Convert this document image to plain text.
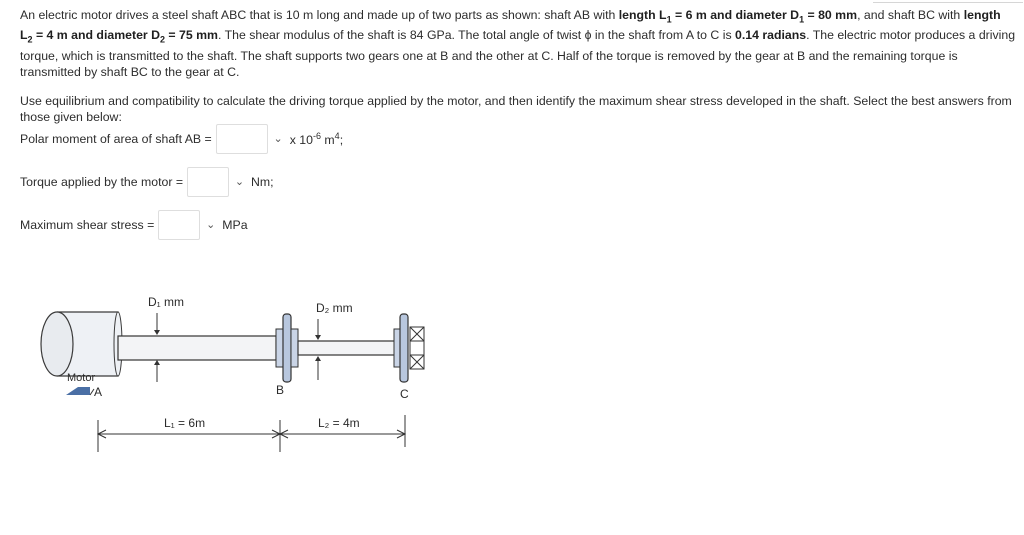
An electric motor drives a steel shaft ABC that is 10 m long and made up of two parts as shown: shaft AB with length $L_1 = 6$ m and diameter $D_1 = 80$ mm, and shaft BC with length $L_2 = 4$ m and diameter $D_2 = 75$ mm. The shear modulus of the shaft is 84 GPa. The total angle of twist ϕ in the shaft from A to C is 0.14 radians. The electric motor produces a driving torque, which is transmitted to the shaft. The shaft supports two gears one at B and the other at C. Half of the torque is removed by the gear at B and the remaining torque is transmitted by shaft BC to the gear at C.

Use equilibrium and compatibility to calculate the driving torque applied by the motor, and then identify the maximum shear stress developed in the shaft. Select the best answers from those given below:

Polar moment of area of shaft AB =	⌄ x $10^{-6}$ $m^4$;
Torque applied by the motor =	⌄ Nm;
Maximum shear stress =	⌄ MPa
D₁ mm
Motor
A	B
D₂ mm
C
L₁ = 6m	L₂ = 4m
